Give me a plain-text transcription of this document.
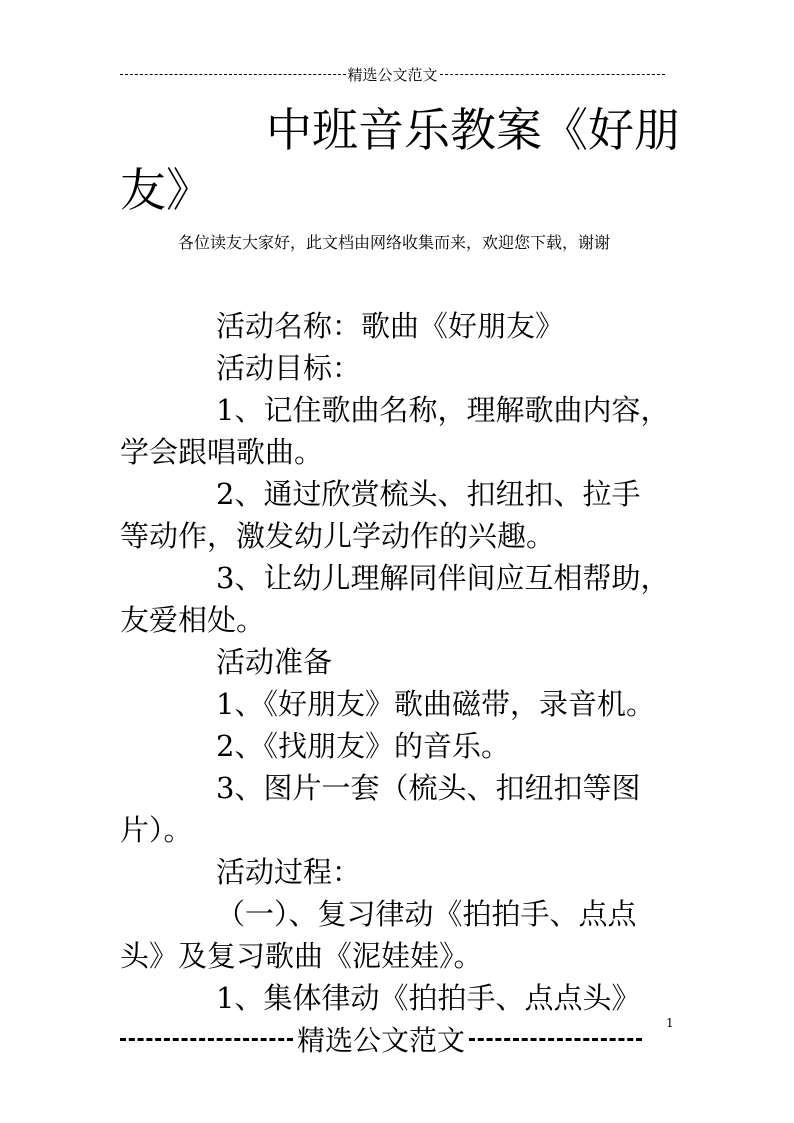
精选公文范文
中班音乐教案《好朋
友》
各位读友大家好，此文档由网络收集而来，欢迎您下载，谢谢
活动名称：歌曲《好朋友》
活动目标：
1、记住歌曲名称，理解歌曲内容，
学会跟唱歌曲。
2、通过欣赏梳头、扣纽扣、拉手
等动作，激发幼儿学动作的兴趣。
3、让幼儿理解同伴间应互相帮助，
友爱相处。
活动准备
1、《好朋友》歌曲磁带，录音机。
2、《找朋友》的音乐。
3、图片一套（梳头、扣纽扣等图
片）。
活动过程：
（一）、复习律动《拍拍手、点点
头》及复习歌曲《泥娃娃》。
1、集体律动《拍拍手、点点头》
精选公文范文
1
